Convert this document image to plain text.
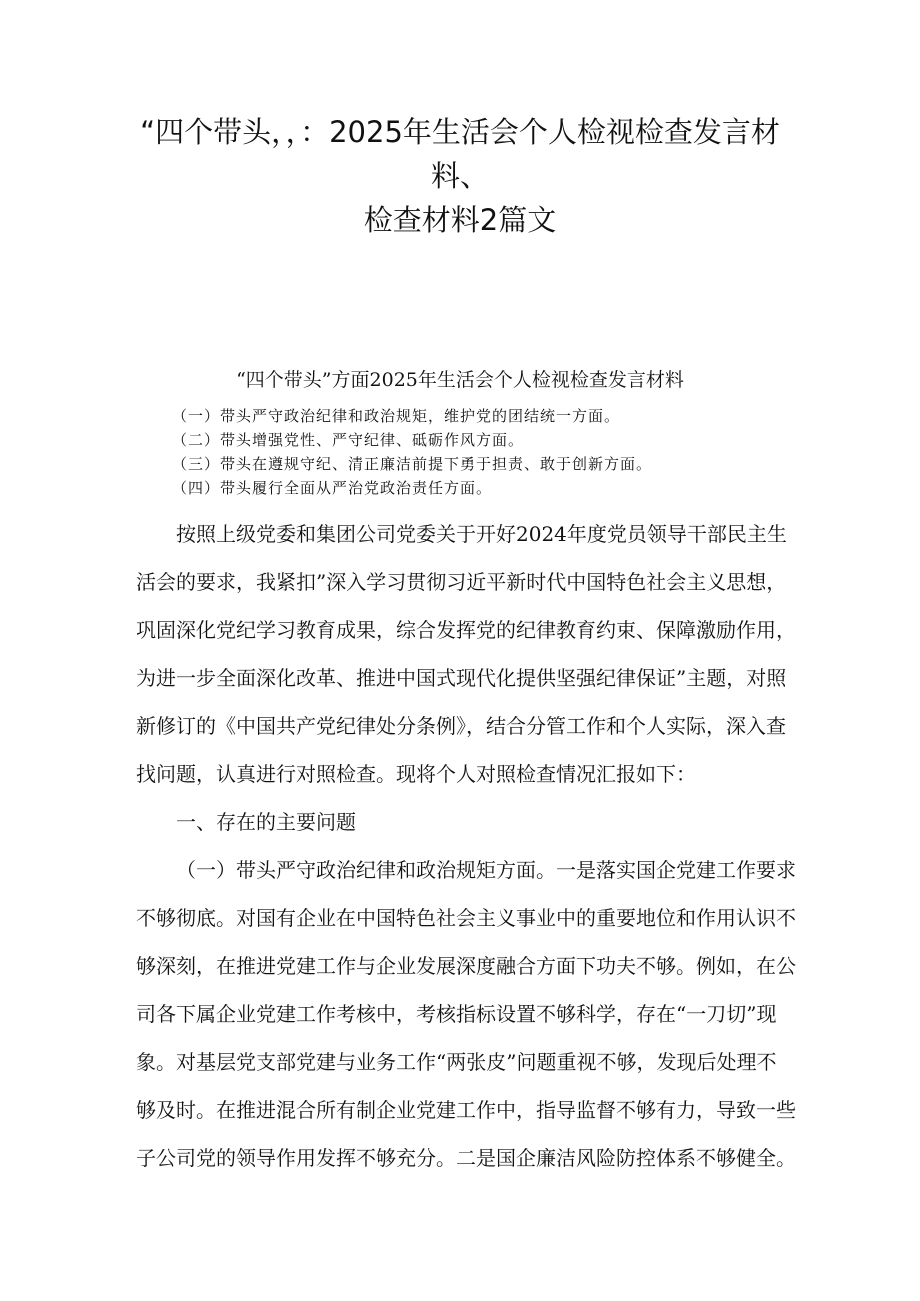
“四个带头，，：2025年生活会个人检视检查发言材
料、
检查材料2篇文
“四个带头”方面2025年生活会个人检视检查发言材料
（一）带头严守政治纪律和政治规矩，维护党的团结统一方面。
（二）带头增强党性、严守纪律、砥砺作风方面。
（三）带头在遵规守纪、清正廉洁前提下勇于担责、敢于创新方面。
（四）带头履行全面从严治党政治责任方面。
按照上级党委和集团公司党委关于开好2024年度党员领导干部民主生
活会的要求，我紧扣”深入学习贯彻习近平新时代中国特色社会主义思想，
巩固深化党纪学习教育成果，综合发挥党的纪律教育约束、保障激励作用，
为进一步全面深化改革、推进中国式现代化提供坚强纪律保证”主题，对照
新修订的《中国共产党纪律处分条例》，结合分管工作和个人实际，深入查
找问题，认真进行对照检查。现将个人对照检查情况汇报如下：
一、存在的主要问题
（一）带头严守政治纪律和政治规矩方面。一是落实国企党建工作要求
不够彻底。对国有企业在中国特色社会主义事业中的重要地位和作用认识不
够深刻，在推进党建工作与企业发展深度融合方面下功夫不够。例如，在公
司各下属企业党建工作考核中，考核指标设置不够科学，存在“一刀切”现
象。对基层党支部党建与业务工作“两张皮”问题重视不够，发现后处理不
够及时。在推进混合所有制企业党建工作中，指导监督不够有力，导致一些
子公司党的领导作用发挥不够充分。二是国企廉洁风险防控体系不够健全。
